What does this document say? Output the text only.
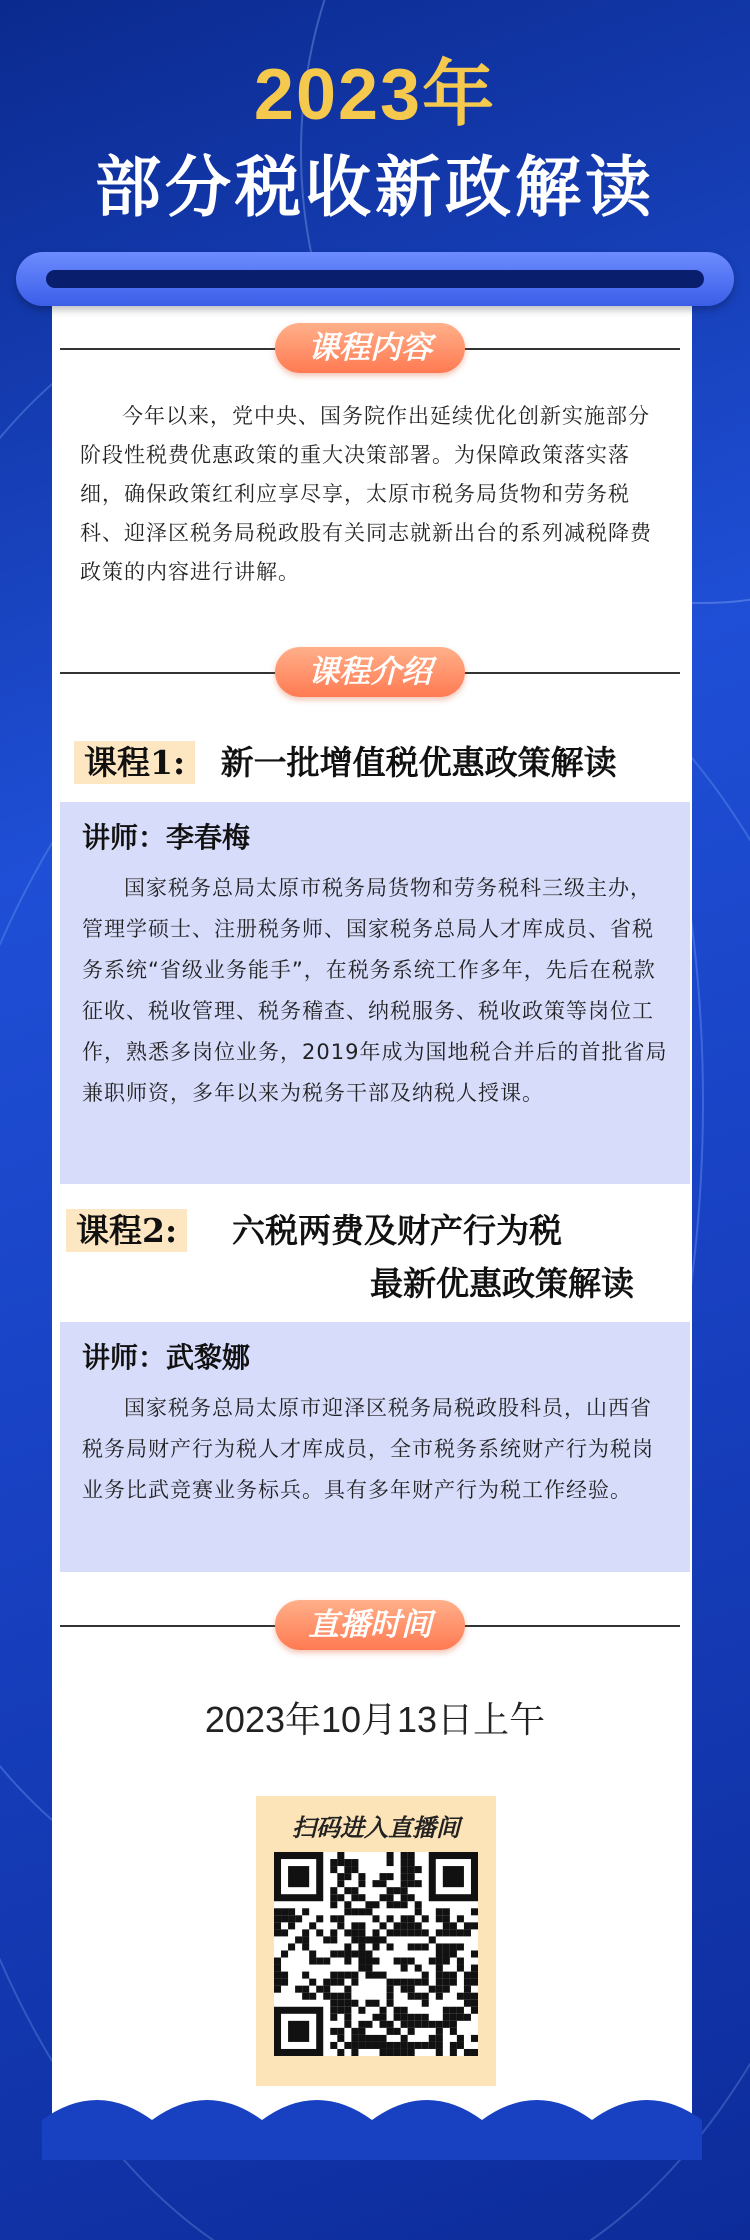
2023年
部分税收新政解读
课程内容
今年以来，党中央、国务院作出延续优化创新实施部分阶段性税费优惠政策的重大决策部署。为保障政策落实落细，确保政策红利应享尽享，太原市税务局货物和劳务税科、迎泽区税务局税政股有关同志就新出台的系列减税降费政策的内容进行讲解。
课程介绍
课程1: 新一批增值税优惠政策解读
讲师：李春梅
国家税务总局太原市税务局货物和劳务税科三级主办，管理学硕士、注册税务师、国家税务总局人才库成员、省税务系统“省级业务能手”，在税务系统工作多年，先后在税款征收、税收管理、税务稽查、纳税服务、税收政策等岗位工作，熟悉多岗位业务，2019年成为国地税合并后的首批省局兼职师资，多年以来为税务干部及纳税人授课。
课程2:	六税两费及财产行为税
最新优惠政策解读
讲师：武黎娜
国家税务总局太原市迎泽区税务局税政股科员，山西省税务局财产行为税人才库成员，全市税务系统财产行为税岗业务比武竞赛业务标兵。具有多年财产行为税工作经验。
直播时间
2023年10月13日上午
扫码进入直播间
